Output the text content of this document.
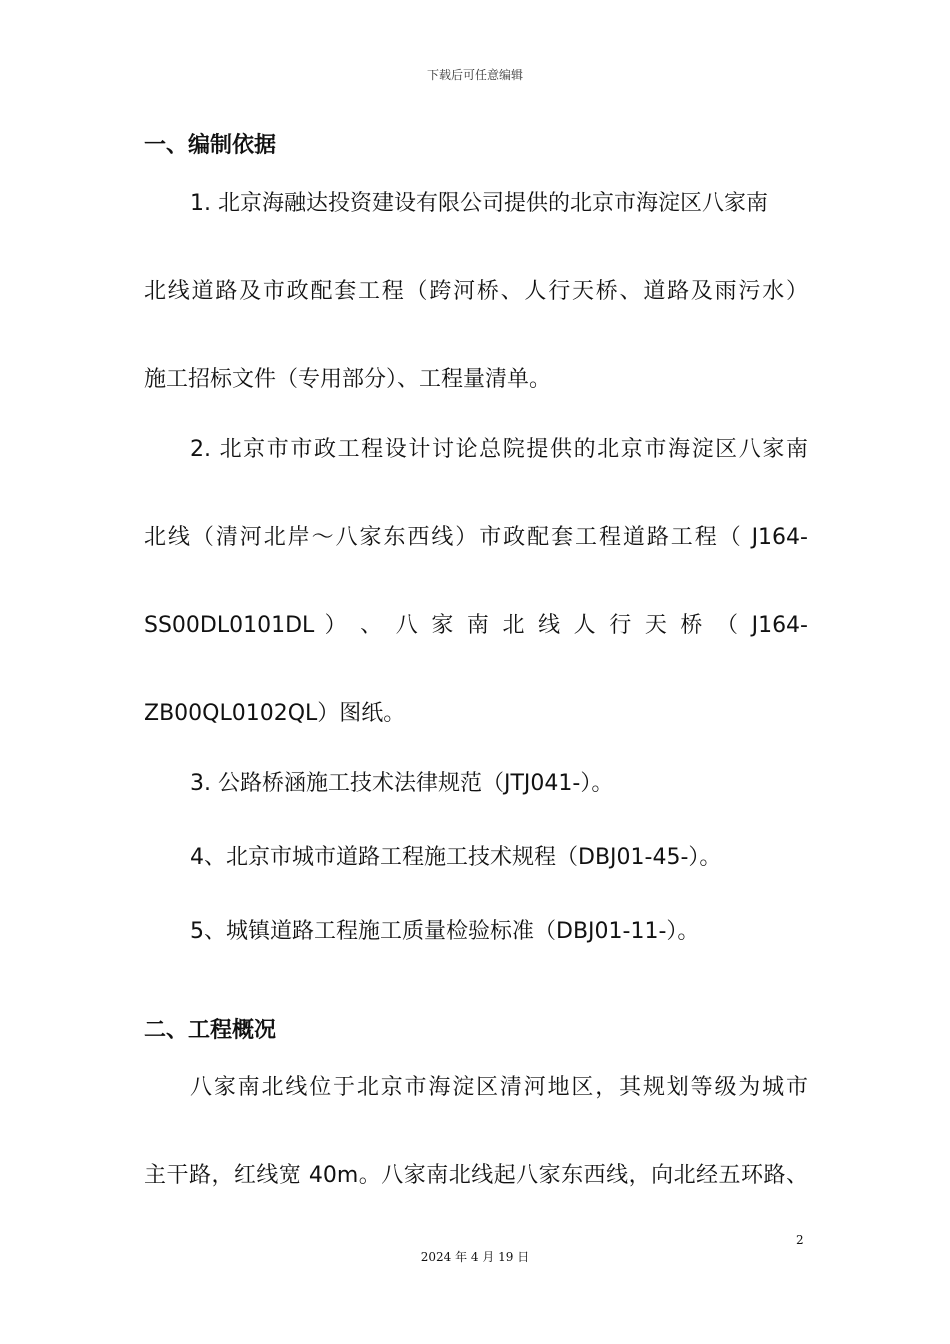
下载后可任意编辑
一、编制依据
1. 北京海融达投资建设有限公司提供的北京市海淀区八家南
北线道路及市政配套工程（跨河桥、人行天桥、道路及雨污水）
施工招标文件（专用部分）、工程量清单。
2. 北京市市政工程设计讨论总院提供的北京市海淀区八家南
北线（清河北岸～八家东西线）市政配套工程道路工程（ J164-
SS00DL0101DL ） 、 八 家 南 北 线 人 行 天 桥 （ J164-
ZB00QL0102QL）图纸。
3. 公路桥涵施工技术法律规范（JTJ041-）。
4、北京市城市道路工程施工技术规程（DBJ01-45-）。
5、城镇道路工程施工质量检验标准（DBJ01-11-）。
二、工程概况
八家南北线位于北京市海淀区清河地区，其规划等级为城市
主干路，红线宽 40m。八家南北线起八家东西线，向北经五环路、
2
2024 年 4 月 19 日
